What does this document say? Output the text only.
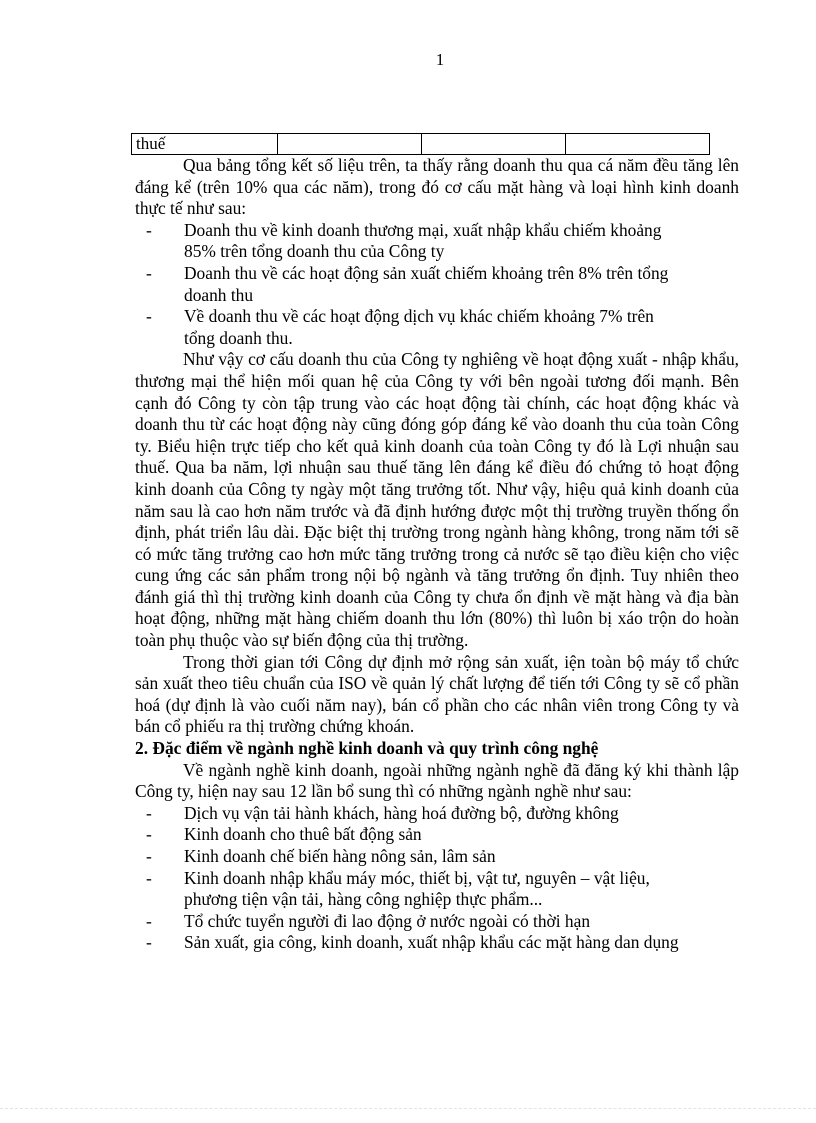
1
thuế			

Qua bảng tổng kết số liệu trên, ta thấy rằng doanh thu qua cá năm đều tăng lên đáng kể (trên 10% qua các năm), trong đó cơ cấu mặt hàng và loại hình kinh doanh thực tế như sau:

- Doanh thu về kinh doanh thương mại, xuất nhập khẩu chiếm khoảng
85% trên tổng doanh thu của Công ty
- Doanh thu về các hoạt động sản xuất chiếm khoảng trên 8% trên tổng
doanh thu
- Về doanh thu về các hoạt động dịch vụ khác chiếm khoảng 7% trên
tổng doanh thu.

Như vậy cơ cấu doanh thu của Công ty nghiêng về hoạt động xuất - nhập khẩu, thương mại thể hiện mối quan hệ của Công ty với bên ngoài tương đối mạnh. Bên cạnh đó Công ty còn tập trung vào các hoạt động tài chính, các hoạt động khác và doanh thu từ các hoạt động này cũng đóng góp đáng kể vào doanh thu của toàn Công ty. Biểu hiện trực tiếp cho kết quả kinh doanh của toàn Công ty đó là Lợi nhuận sau thuế. Qua ba năm, lợi nhuận sau thuế tăng lên đáng kể điều đó chứng tỏ hoạt động kinh doanh của Công ty ngày một tăng trưởng tốt. Như vậy, hiệu quả kinh doanh của năm sau là cao hơn năm trước và đã định hướng được một thị trường truyền thống ổn định, phát triển lâu dài. Đặc biệt thị trường trong ngành hàng không, trong năm tới sẽ có mức tăng trưởng cao hơn mức tăng trưởng trong cả nước sẽ tạo điều kiện cho việc cung ứng các sản phẩm trong nội bộ ngành và tăng trưởng ổn định. Tuy nhiên theo đánh giá thì thị trường kinh doanh của Công ty chưa ổn định về mặt hàng và địa bàn hoạt động, những mặt hàng chiếm doanh thu lớn (80%) thì luôn bị xáo trộn do hoàn toàn phụ thuộc vào sự biến động của thị trường.

Trong thời gian tới Công dự định mở rộng sản xuất, iện toàn bộ máy tổ chức sản xuất theo tiêu chuẩn của ISO về quản lý chất lượng để tiến tới Công ty sẽ cổ phần hoá (dự định là vào cuối năm nay), bán cổ phần cho các nhân viên trong Công ty và bán cổ phiếu ra thị trường chứng khoán.

2. Đặc điểm về ngành nghề kinh doanh và quy trình công nghệ

Về ngành nghề kinh doanh, ngoài những ngành nghề đã đăng ký khi thành lập Công ty, hiện nay sau 12 lần bổ sung thì có những ngành nghề như sau:

- Dịch vụ vận tải hành khách, hàng hoá đường bộ, đường không
- Kinh doanh cho thuê bất động sản
- Kinh doanh chế biến hàng nông sản, lâm sản
- Kinh doanh nhập khẩu máy móc, thiết bị, vật tư, nguyên – vật liệu,
phương tiện vận tải, hàng công nghiệp thực phẩm...
- Tổ chức tuyển người đi lao động ở nước ngoài có thời hạn
- Sản xuất, gia công, kinh doanh, xuất nhập khẩu các mặt hàng dan dụng
